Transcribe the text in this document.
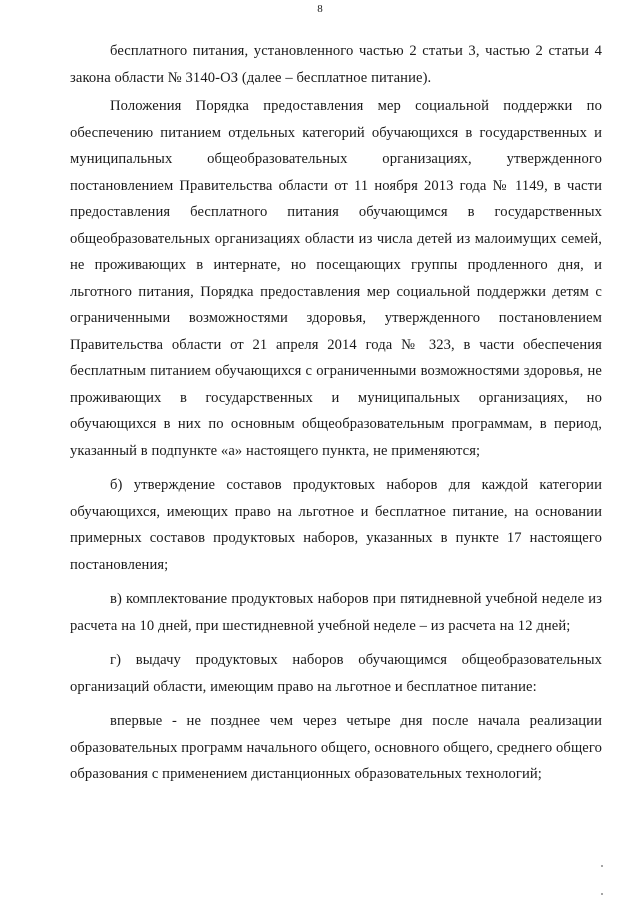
8

бесплатного питания, установленного частью 2 статьи 3, частью 2 статьи 4 закона области № 3140-ОЗ (далее – бесплатное питание).

Положения Порядка предоставления мер социальной поддержки по обеспечению питанием отдельных категорий обучающихся в государственных и муниципальных общеобразовательных организациях, утвержденного постановлением Правительства области от 11 ноября 2013 года № 1149, в части предоставления бесплатного питания обучающимся в государственных общеобразовательных организациях области из числа детей из малоимущих семей, не проживающих в интернате, но посещающих группы продленного дня, и льготного питания, Порядка предоставления мер социальной поддержки детям с ограниченными возможностями здоровья, утвержденного постановлением Правительства области от 21 апреля 2014 года № 323, в части обеспечения бесплатным питанием обучающихся с ограниченными возможностями здоровья, не проживающих в государственных и муниципальных организациях, но обучающихся в них по основным общеобразовательным программам, в период, указанный в подпункте «а» настоящего пункта, не применяются;

б) утверждение составов продуктовых наборов для каждой категории обучающихся, имеющих право на льготное и бесплатное питание, на основании примерных составов продуктовых наборов, указанных в пункте 17 настоящего постановления;

в) комплектование продуктовых наборов при пятидневной учебной неделе из расчета на 10 дней, при шестидневной учебной неделе – из расчета на 12 дней;

г) выдачу продуктовых наборов обучающимся общеобразовательных организаций области, имеющим право на льготное и бесплатное питание:

впервые - не позднее чем через четыре дня после начала реализации образовательных программ начального общего, основного общего, среднего общего образования с применением дистанционных образовательных технологий;
